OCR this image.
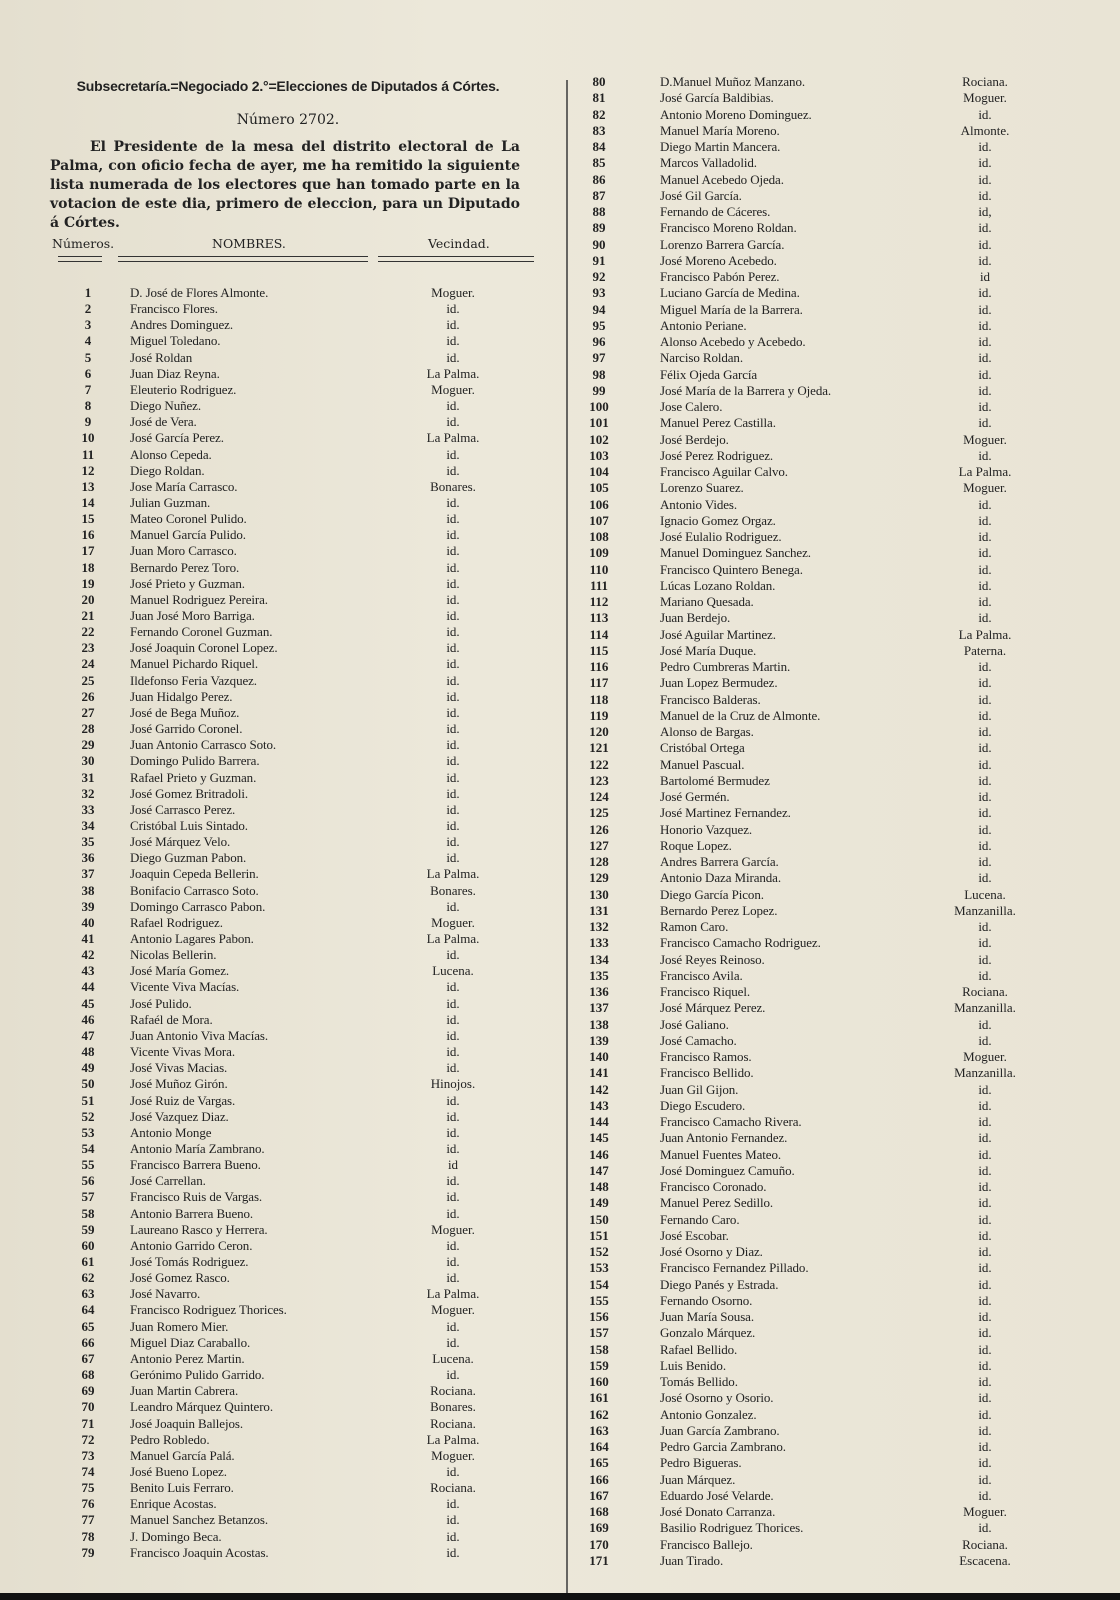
Subsecretaría.=Negociado 2.°=Elecciones de Diputados á Córtes.
Número 2702.
El Presidente de la mesa del distrito electoral de La Palma, con oficio fecha de ayer, me ha remitido la siguiente lista numerada de los electores que han tomado parte en la votacion de este dia, primero de eleccion, para un Diputado á Córtes.
Números.	NOMBRES.	Vecindad.
1	D. José de Flores Almonte.	Moguer.
2	Francisco Flores.	id.
3	Andres Dominguez.	id.
4	Miguel Toledano.	id.
5	José Roldan	id.
6	Juan Diaz Reyna.	La Palma.
7	Eleuterio Rodriguez.	Moguer.
8	Diego Nuñez.	id.
9	José de Vera.	id.
10	José García Perez.	La Palma.
11	Alonso Cepeda.	id.
12	Diego Roldan.	id.
13	Jose María Carrasco.	Bonares.
14	Julian Guzman.	id.
15	Mateo Coronel Pulido.	id.
16	Manuel García Pulido.	id.
17	Juan Moro Carrasco.	id.
18	Bernardo Perez Toro.	id.
19	José Prieto y Guzman.	id.
20	Manuel Rodriguez Pereira.	id.
21	Juan José Moro Barriga.	id.
22	Fernando Coronel Guzman.	id.
23	José Joaquin Coronel Lopez.	id.
24	Manuel Pichardo Riquel.	id.
25	Ildefonso Feria Vazquez.	id.
26	Juan Hidalgo Perez.	id.
27	José de Bega Muñoz.	id.
28	José Garrido Coronel.	id.
29	Juan Antonio Carrasco Soto.	id.
30	Domingo Pulido Barrera.	id.
31	Rafael Prieto y Guzman.	id.
32	José Gomez Britradoli.	id.
33	José Carrasco Perez.	id.
34	Cristóbal Luis Sintado.	id.
35	José Márquez Velo.	id.
36	Diego Guzman Pabon.	id.
37	Joaquin Cepeda Bellerin.	La Palma.
38	Bonifacio Carrasco Soto.	Bonares.
39	Domingo Carrasco Pabon.	id.
40	Rafael Rodriguez.	Moguer.
41	Antonio Lagares Pabon.	La Palma.
42	Nicolas Bellerin.	id.
43	José María Gomez.	Lucena.
44	Vicente Viva Macías.	id.
45	José Pulido.	id.
46	Rafaél de Mora.	id.
47	Juan Antonio Viva Macías.	id.
48	Vicente Vivas Mora.	id.
49	José Vivas Macias.	id.
50	José Muñoz Girón.	Hinojos.
51	José Ruiz de Vargas.	id.
52	José Vazquez Diaz.	id.
53	Antonio Monge	id.
54	Antonio María Zambrano.	id.
55	Francisco Barrera Bueno.	id
56	José Carrellan.	id.
57	Francisco Ruis de Vargas.	id.
58	Antonio Barrera Bueno.	id.
59	Laureano Rasco y Herrera.	Moguer.
60	Antonio Garrido Ceron.	id.
61	José Tomás Rodriguez.	id.
62	José Gomez Rasco.	id.
63	José Navarro.	La Palma.
64	Francisco Rodriguez Thorices.	Moguer.
65	Juan Romero Mier.	id.
66	Miguel Diaz Caraballo.	id.
67	Antonio Perez Martin.	Lucena.
68	Gerónimo Pulido Garrido.	id.
69	Juan Martin Cabrera.	Rociana.
70	Leandro Márquez Quintero.	Bonares.
71	José Joaquin Ballejos.	Rociana.
72	Pedro Robledo.	La Palma.
73	Manuel García Palá.	Moguer.
74	José Bueno Lopez.	id.
75	Benito Luis Ferraro.	Rociana.
76	Enrique Acostas.	id.
77	Manuel Sanchez Betanzos.	id.
78	J. Domingo Beca.	id.
79	Francisco Joaquin Acostas.	id.
80	D.Manuel Muñoz Manzano.	Rociana.
81	José García Baldibias.	Moguer.
82	Antonio Moreno Dominguez.	id.
83	Manuel María Moreno.	Almonte.
84	Diego Martin Mancera.	id.
85	Marcos Valladolid.	id.
86	Manuel Acebedo Ojeda.	id.
87	José Gil García.	id.
88	Fernando de Cáceres.	id,
89	Francisco Moreno Roldan.	id.
90	Lorenzo Barrera García.	id.
91	José Moreno Acebedo.	id.
92	Francisco Pabón Perez.	id
93	Luciano García de Medina.	id.
94	Miguel María de la Barrera.	id.
95	Antonio Periane.	id.
96	Alonso Acebedo y Acebedo.	id.
97	Narciso Roldan.	id.
98	Félix Ojeda García	id.
99	José María de la Barrera y Ojeda.	id.
100	Jose Calero.	id.
101	Manuel Perez Castilla.	id.
102	José Berdejo.	Moguer.
103	José Perez Rodriguez.	id.
104	Francisco Aguilar Calvo.	La Palma.
105	Lorenzo Suarez.	Moguer.
106	Antonio Vides.	id.
107	Ignacio Gomez Orgaz.	id.
108	José Eulalio Rodriguez.	id.
109	Manuel Dominguez Sanchez.	id.
110	Francisco Quintero Benega.	id.
111	Lúcas Lozano Roldan.	id.
112	Mariano Quesada.	id.
113	Juan Berdejo.	id.
114	José Aguilar Martinez.	La Palma.
115	José María Duque.	Paterna.
116	Pedro Cumbreras Martin.	id.
117	Juan Lopez Bermudez.	id.
118	Francisco Balderas.	id.
119	Manuel de la Cruz de Almonte.	id.
120	Alonso de Bargas.	id.
121	Cristóbal Ortega	id.
122	Manuel Pascual.	id.
123	Bartolomé Bermudez	id.
124	José Germén.	id.
125	José Martinez Fernandez.	id.
126	Honorio Vazquez.	id.
127	Roque Lopez.	id.
128	Andres Barrera García.	id.
129	Antonio Daza Miranda.	id.
130	Diego García Picon.	Lucena.
131	Bernardo Perez Lopez.	Manzanilla.
132	Ramon Caro.	id.
133	Francisco Camacho Rodriguez.	id.
134	José Reyes Reinoso.	id.
135	Francisco Avila.	id.
136	Francisco Riquel.	Rociana.
137	José Márquez Perez.	Manzanilla.
138	José Galiano.	id.
139	José Camacho.	id.
140	Francisco Ramos.	Moguer.
141	Francisco Bellido.	Manzanilla.
142	Juan Gil Gijon.	id.
143	Diego Escudero.	id.
144	Francisco Camacho Rivera.	id.
145	Juan Antonio Fernandez.	id.
146	Manuel Fuentes Mateo.	id.
147	José Dominguez Camuño.	id.
148	Francisco Coronado.	id.
149	Manuel Perez Sedillo.	id.
150	Fernando Caro.	id.
151	José Escobar.	id.
152	José Osorno y Diaz.	id.
153	Francisco Fernandez Pillado.	id.
154	Diego Panés y Estrada.	id.
155	Fernando Osorno.	id.
156	Juan María Sousa.	id.
157	Gonzalo Márquez.	id.
158	Rafael Bellido.	id.
159	Luis Benido.	id.
160	Tomás Bellido.	id.
161	José Osorno y Osorio.	id.
162	Antonio Gonzalez.	id.
163	Juan García Zambrano.	id.
164	Pedro Garcia Zambrano.	id.
165	Pedro Bigueras.	id.
166	Juan Márquez.	id.
167	Eduardo José Velarde.	id.
168	José Donato Carranza.	Moguer.
169	Basilio Rodriguez Thorices.	id.
170	Francisco Ballejo.	Rociana.
171	Juan Tirado.	Escacena.
